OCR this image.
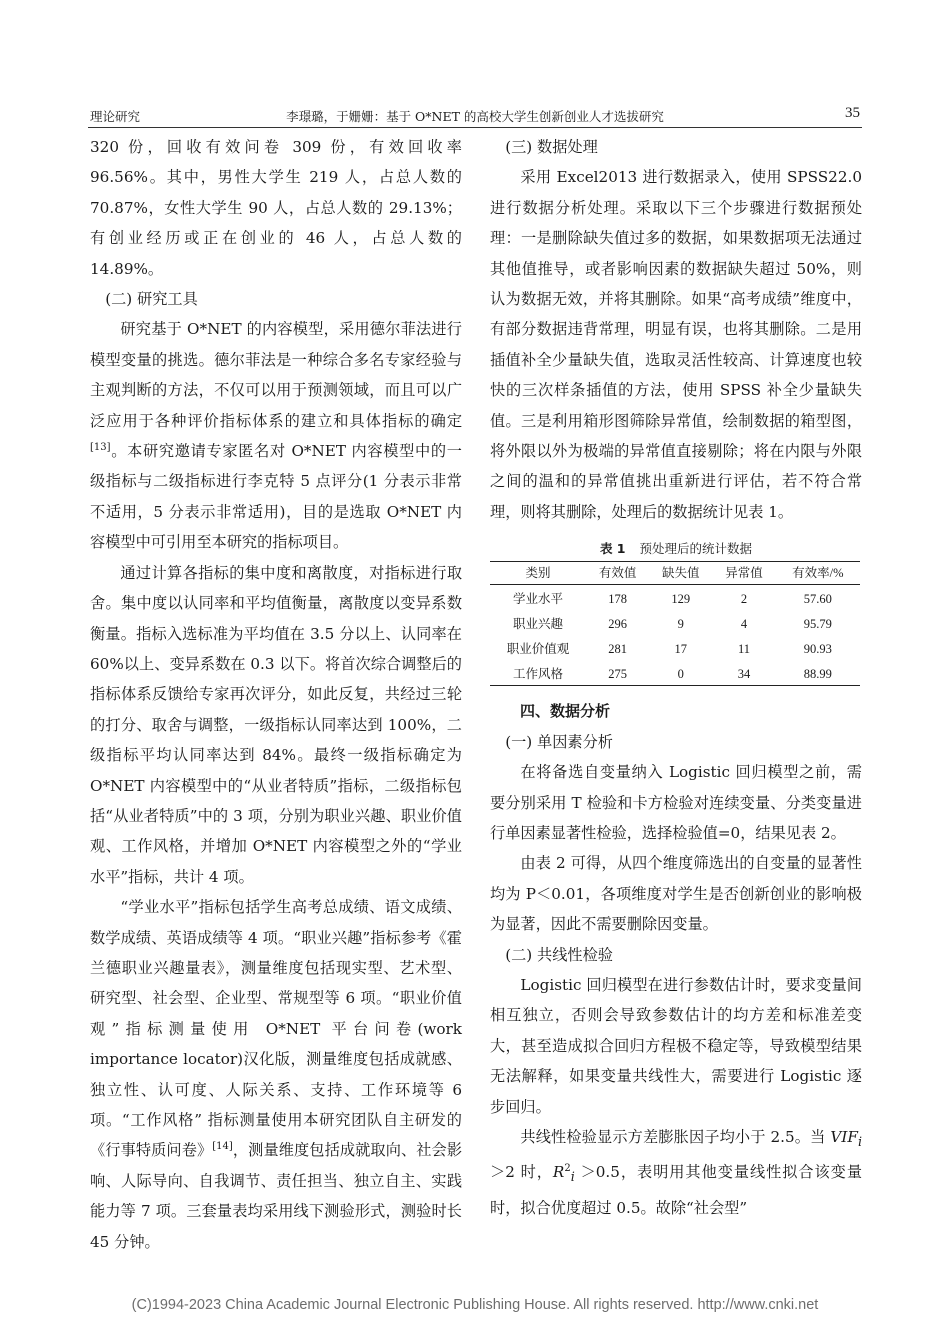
理论研究	李璟璐，于姗姗：基于 O*NET 的高校大学生创新创业人才选拔研究	35

320 份，回收有效问卷 309 份，有效回收率 96.56%。其中，男性大学生 219 人，占总人数的 70.87%，女性大学生 90 人，占总人数的 29.13%；有创业经历或正在创业的 46 人，占总人数的 14.89%。

(二) 研究工具

研究基于 O*NET 的内容模型，采用德尔菲法进行模型变量的挑选。德尔菲法是一种综合多名专家经验与主观判断的方法，不仅可以用于预测领域，而且可以广泛应用于各种评价指标体系的建立和具体指标的确定[13]。本研究邀请专家匿名对 O*NET 内容模型中的一级指标与二级指标进行李克特 5 点评分(1 分表示非常不适用，5 分表示非常适用)，目的是选取 O*NET 内容模型中可引用至本研究的指标项目。

通过计算各指标的集中度和离散度，对指标进行取舍。集中度以认同率和平均值衡量，离散度以变异系数衡量。指标入选标准为平均值在 3.5 分以上、认同率在 60%以上、变异系数在 0.3 以下。将首次综合调整后的指标体系反馈给专家再次评分，如此反复，共经过三轮的打分、取舍与调整，一级指标认同率达到 100%，二级指标平均认同率达到 84%。最终一级指标确定为 O*NET 内容模型中的“从业者特质”指标，二级指标包括“从业者特质”中的 3 项，分别为职业兴趣、职业价值观、工作风格，并增加 O*NET 内容模型之外的“学业水平”指标，共计 4 项。

“学业水平”指标包括学生高考总成绩、语文成绩、数学成绩、英语成绩等 4 项。“职业兴趣”指标参考《霍兰德职业兴趣量表》，测量维度包括现实型、艺术型、研究型、社会型、企业型、常规型等 6 项。“职业价值观”指标测量使用 O*NET 平台问卷(work importance locator)汉化版，测量维度包括成就感、独立性、认可度、人际关系、支持、工作环境等 6 项。“工作风格” 指标测量使用本研究团队自主研发的《行事特质问卷》[14]，测量维度包括成就取向、社会影响、人际导向、自我调节、责任担当、独立自主、实践能力等 7 项。三套量表均采用线下测验形式，测验时长 45 分钟。

(三) 数据处理

采用 Excel2013 进行数据录入，使用 SPSS22.0 进行数据分析处理。采取以下三个步骤进行数据预处理：一是删除缺失值过多的数据，如果数据项无法通过其他值推导，或者影响因素的数据缺失超过 50%，则认为数据无效，并将其删除。如果“高考成绩”维度中，有部分数据违背常理，明显有误，也将其删除。二是用插值补全少量缺失值，选取灵活性较高、计算速度也较快的三次样条插值的方法，使用 SPSS 补全少量缺失值。三是利用箱形图筛除异常值，绘制数据的箱型图，将外限以外为极端的异常值直接剔除；将在内限与外限之间的温和的异常值挑出重新进行评估，若不符合常理，则将其删除，处理后的数据统计见表 1。

表 1 预处理后的统计数据
类别	有效值	缺失值	异常值	有效率/%
学业水平	178	129	2	57.60
职业兴趣	296	9	4	95.79
职业价值观	281	17	11	90.93
工作风格	275	0	34	88.99

四、数据分析

(一) 单因素分析

在将备选自变量纳入 Logistic 回归模型之前，需要分别采用 T 检验和卡方检验对连续变量、分类变量进行单因素显著性检验，选择检验值=0，结果见表 2。

由表 2 可得，从四个维度筛选出的自变量的显著性均为 P＜0.01，各项维度对学生是否创新创业的影响极为显著，因此不需要删除因变量。

(二) 共线性检验

Logistic 回归模型在进行参数估计时，要求变量间相互独立，否则会导致参数估计的均方差和标准差变大，甚至造成拟合回归方程极不稳定等，导致模型结果无法解释，如果变量共线性大，需要进行 Logistic 逐步回归。

共线性检验显示方差膨胀因子均小于 2.5。当 $VIF_i>2$ 时，$R^2_i >0.5$，表明用其他变量线性拟合该变量时，拟合优度超过 0.5。故除“社会型”

(C)1994-2023 China Academic Journal Electronic Publishing House. All rights reserved. http://www.cnki.net
